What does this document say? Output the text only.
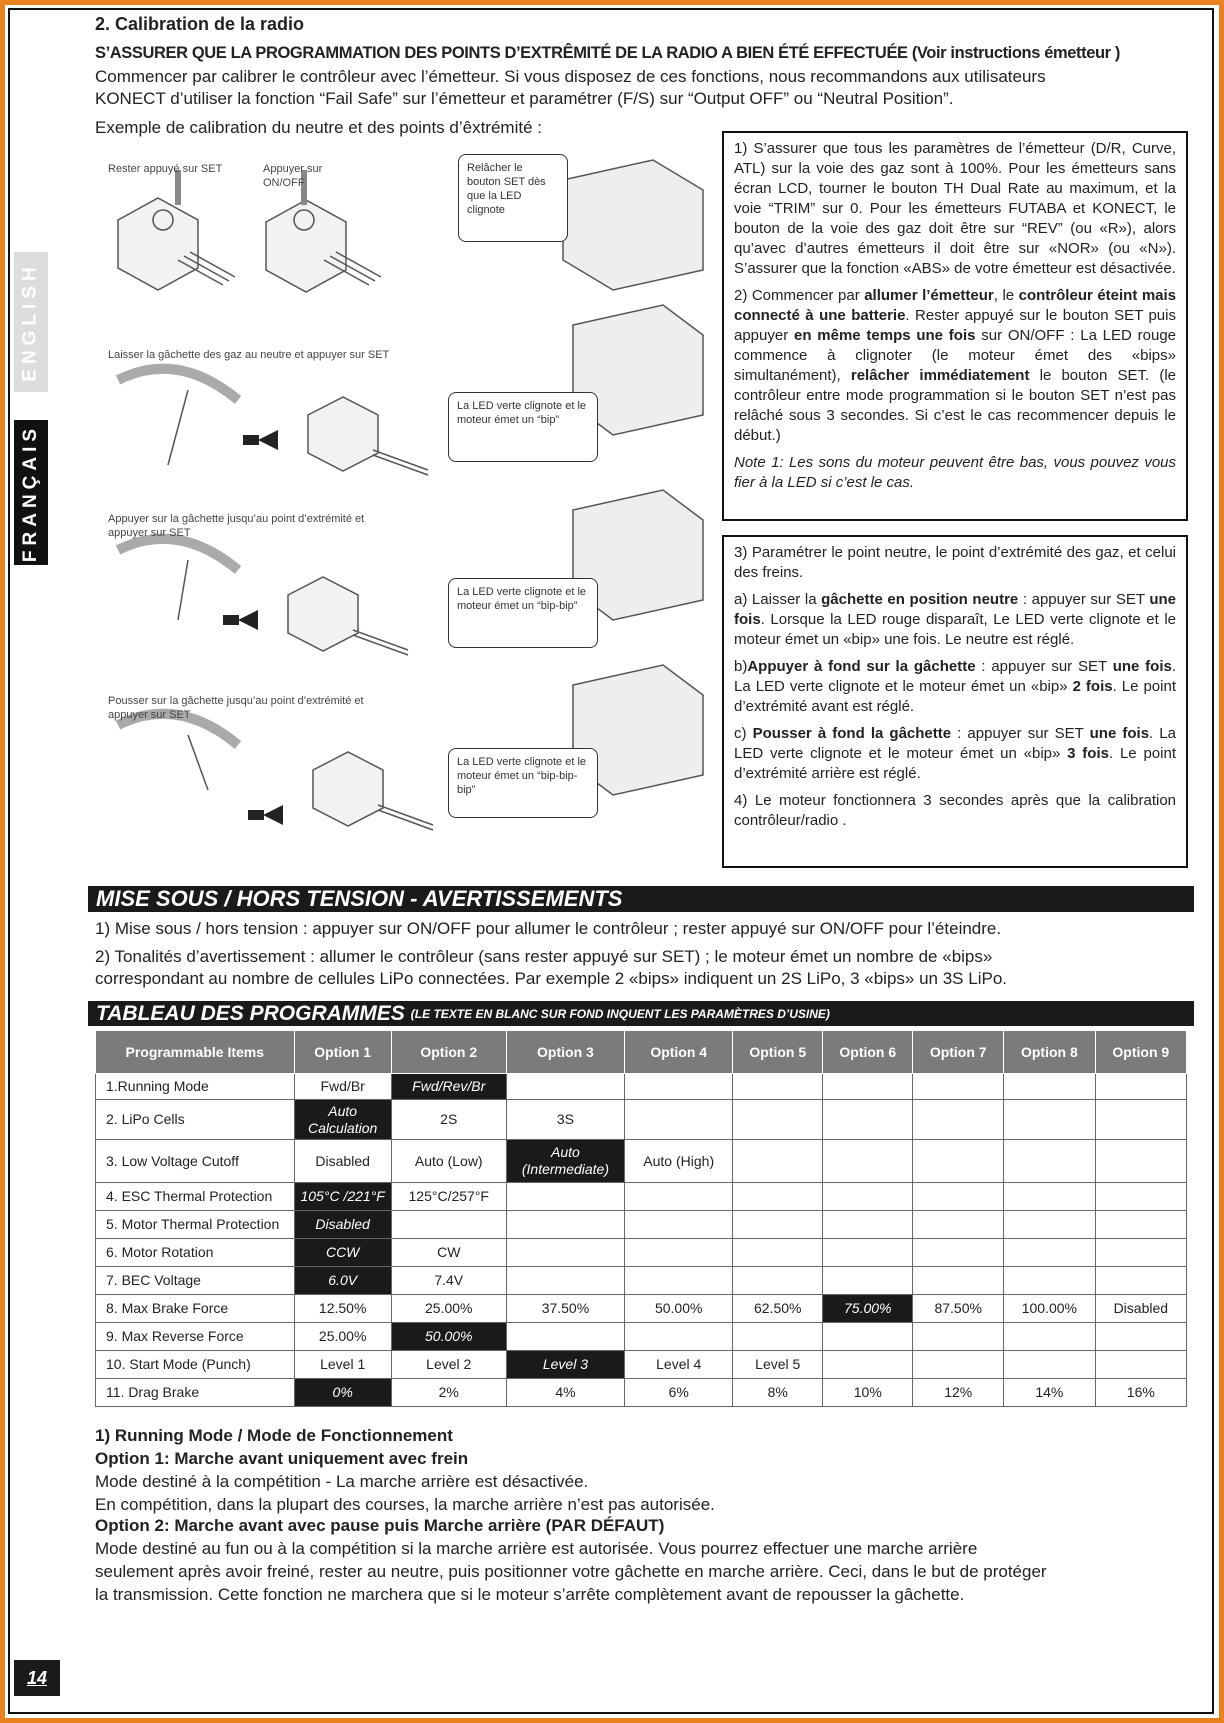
ENGLISH
FRANÇAIS

2. Calibration de la radio

S’ASSURER QUE LA PROGRAMMATION DES POINTS D’EXTRÊMITÉ DE LA RADIO A BIEN ÉTÉ EFFECTUÉE (Voir instructions émetteur )

Commencer par calibrer le contrôleur avec l’émetteur. Si vous disposez de ces fonctions, nous recommandons aux utilisateurs

KONECT d’utiliser la fonction “Fail Safe” sur l’émetteur et paramétrer (F/S) sur “Output OFF” ou “Neutral Position”.

Exemple de calibration du neutre et des points d’êxtrémité :

Rester appuyé sur SET	Appuyer sur ON/OFF

Relâcher le bouton SET dès que la LED clignote

Laisser la gâchette des gaz au neutre et appuyer sur SET

La LED verte clignote et le moteur émet un “bip”

Appuyer sur la gâchette jusqu’au point d’extrémité et appuyer sur SET

La LED verte clignote et le moteur émet un “bip-bip”

Pousser sur la gâchette jusqu’au point d’extrémité et appuyer sur SET

La LED verte clignote et le moteur émet un “bip-bip-bip”

1) S’assurer que tous les paramètres de l’émetteur (D/R, Curve, ATL) sur la voie des gaz sont à 100%. Pour les émetteurs sans écran LCD, tourner le bouton TH Dual Rate au maximum, et la voie “TRIM” sur 0. Pour les émetteurs FUTABA et KONECT, le bouton de la voie des gaz doit être sur “REV” (ou «R»), alors qu’avec d’autres émetteurs il doit être sur «NOR» (ou «N»). S’assurer que la fonction «ABS» de votre émetteur est désactivée.

2) Commencer par allumer l’émetteur, le contrôleur éteint mais connecté à une batterie. Rester appuyé sur le bouton SET puis appuyer en même temps une fois sur ON/OFF : La LED rouge commence à clignoter (le moteur émet des «bips» simultanément), relâcher immédiatement le bouton SET. (le contrôleur entre mode programmation si le bouton SET n’est pas relâché sous 3 secondes. Si c’est le cas recommencer depuis le début.)

Note 1: Les sons du moteur peuvent être bas, vous pouvez vous fier à la LED si c’est le cas.

3) Paramétrer le point neutre, le point d’extrémité des gaz, et celui des freins.

a) Laisser la gâchette en position neutre : appuyer sur SET une fois. Lorsque la LED rouge disparaît, Le LED verte clignote et le moteur émet un «bip» une fois. Le neutre est réglé.

b)Appuyer à fond sur la gâchette : appuyer sur SET une fois. La LED verte clignote et le moteur émet un «bip» 2 fois. Le point d’extrémité avant est réglé.

c) Pousser à fond la gâchette : appuyer sur SET une fois. La LED verte clignote et le moteur émet un «bip» 3 fois. Le point d’extrémité arrière est réglé.

4) Le moteur fonctionnera 3 secondes après que la calibration contrôleur/radio .

MISE SOUS / HORS TENSION - AVERTISSEMENTS

1) Mise sous / hors tension : appuyer sur ON/OFF pour allumer le contrôleur ; rester appuyé sur ON/OFF pour l’éteindre.

2) Tonalités d’avertissement : allumer le contrôleur (sans rester appuyé sur SET) ; le moteur émet un nombre de «bips»

correspondant au nombre de cellules LiPo connectées. Par exemple 2 «bips» indiquent un 2S LiPo, 3 «bips» un 3S LiPo.

TABLEAU DES PROGRAMMES (LE TEXTE EN BLANC SUR FOND INQUENT LES PARAMÈTRES D’USINE)
Programmable Items	Option 1	Option 2	Option 3	Option 4	Option 5	Option 6	Option 7	Option 8	Option 9
1.Running Mode	Fwd/Br	Fwd/Rev/Br							
2. LiPo Cells	Auto Calculation	2S	3S						
3. Low Voltage Cutoff	Disabled	Auto (Low)	Auto (Intermediate)	Auto (High)					
4. ESC Thermal Protection	105°C /221°F	125°C/257°F							
5. Motor Thermal Protection	Disabled								
6. Motor Rotation	CCW	CW							
7. BEC Voltage	6.0V	7.4V							
8. Max Brake Force	12.50%	25.00%	37.50%	50.00%	62.50%	75.00%	87.50%	100.00%	Disabled
9. Max Reverse Force	25.00%	50.00%							
10. Start Mode (Punch)	Level 1	Level 2	Level 3	Level 4	Level 5				
11. Drag Brake	0%	2%	4%	6%	8%	10%	12%	14%	16%

1) Running Mode / Mode de Fonctionnement

Option 1: Marche avant uniquement avec frein

Mode destiné à la compétition - La marche arrière est désactivée.

En compétition, dans la plupart des courses, la marche arrière n’est pas autorisée.

Option 2: Marche avant avec pause puis Marche arrière (PAR DÉFAUT)

Mode destiné au fun ou à la compétition si la marche arrière est autorisée. Vous pourrez effectuer une marche arrière

seulement après avoir freiné, rester au neutre, puis positionner votre gâchette en marche arrière. Ceci, dans le but de protéger

la transmission. Cette fonction ne marchera que si le moteur s’arrête complètement avant de repousser la gâchette.

14
